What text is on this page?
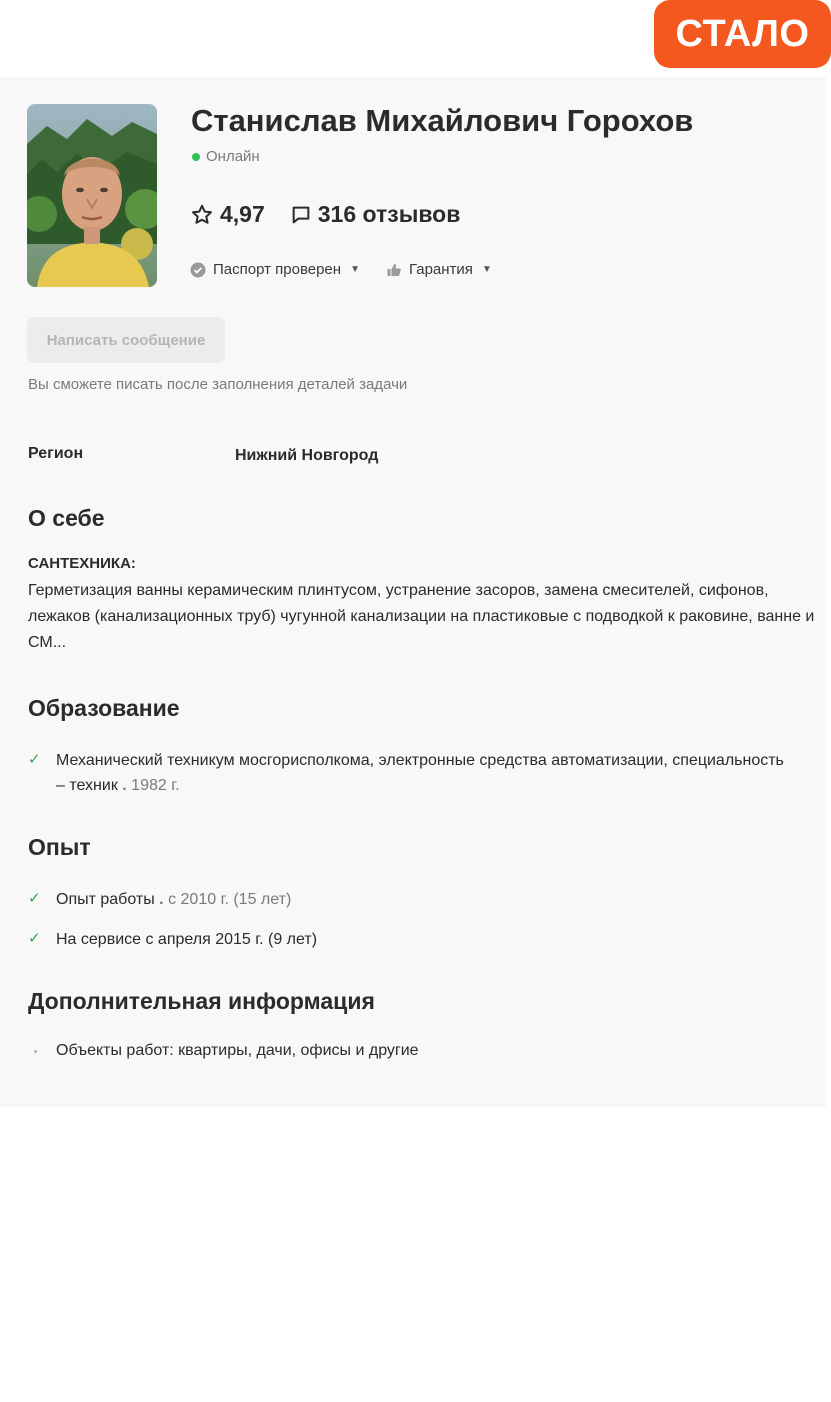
СТАЛО
Станислав Михайлович Горохов
Онлайн
4,97 316 отзывов
Паспорт проверен ▼	Гарантия ▼
Написать сообщение
Вы сможете писать после заполнения деталей задачи
Регион	Нижний Новгород
О себе
САНТЕХНИКА:
Герметизация ванны керамическим плинтусом, устранение засоров, замена смесителей, сифонов, лежаков (канализационных труб) чугунной канализации на пластиковые с подводкой к раковине, ванне и СМ...
Образование
✓ Механический техникум мосгорисполкома, электронные средства автоматизации, специальность – техник . 1982 г.
Опыт
✓ Опыт работы . с 2010 г. (15 лет)
✓ На сервисе с апреля 2015 г. (9 лет)
Дополнительная информация
Объекты работ: квартиры, дачи, офисы и другие
